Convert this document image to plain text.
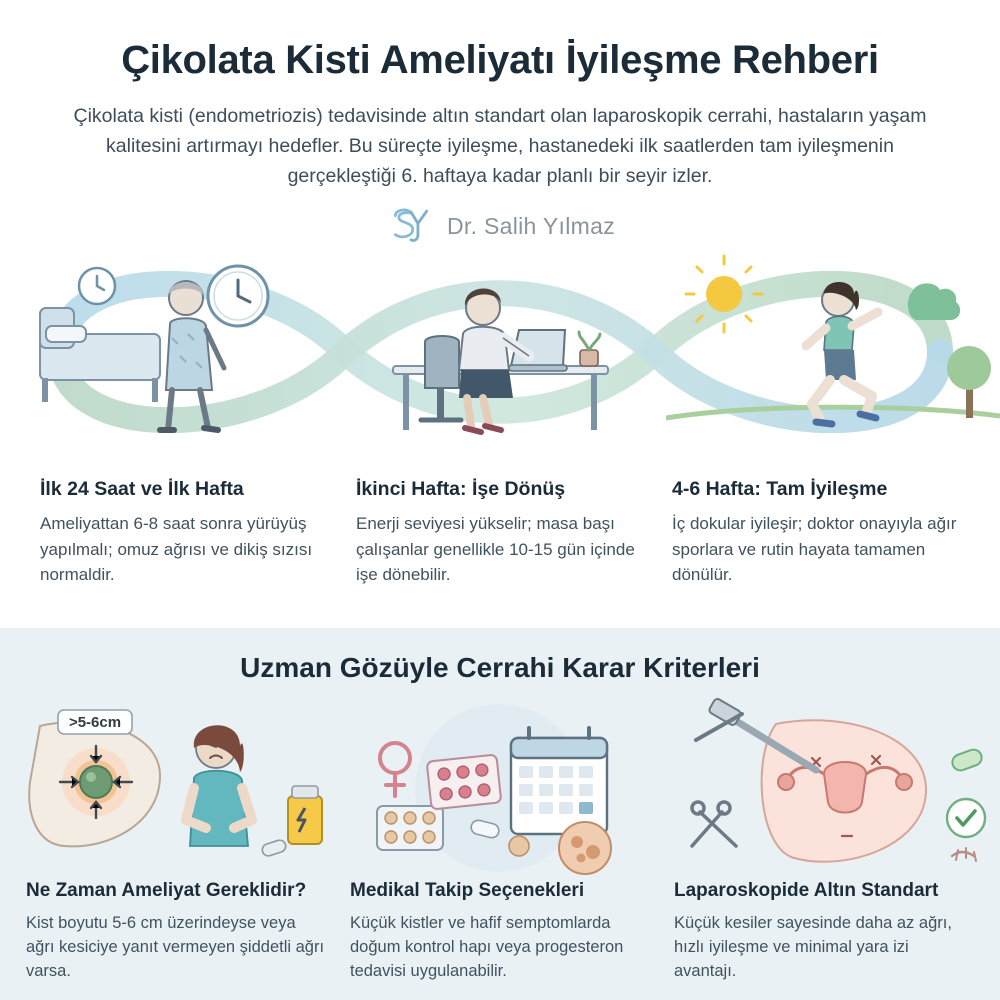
Çikolata Kisti Ameliyatı İyileşme Rehberi

Çikolata kisti (endometriozis) tedavisinde altın standart olan laparoskopik cerrahi, hastaların yaşam kalitesini artırmayı hedefler. Bu süreçte iyileşme, hastanedeki ilk saatlerden tam iyileşmenin gerçekleştiği 6. haftaya kadar planlı bir seyir izler.

Dr. Salih Yılmaz
İlk 24 Saat ve İlk Hafta

Ameliyattan 6-8 saat sonra yürüyüş yapılmalı; omuz ağrısı ve dikiş sızısı normaldir.

İkinci Hafta: İşe Dönüş

Enerji seviyesi yükselir; masa başı çalışanlar genellikle 10-15 gün içinde işe dönebilir.

4-6 Hafta: Tam İyileşme

İç dokular iyileşir; doktor onayıyla ağır sporlara ve rutin hayata tamamen dönülür.

Uzman Gözüyle Cerrahi Karar Kriterleri
>5-6cm
Ne Zaman Ameliyat Gereklidir?

Kist boyutu 5-6 cm üzerindeyse veya ağrı kesiciye yanıt vermeyen şiddetli ağrı varsa.

Medikal Takip Seçenekleri

Küçük kistler ve hafif semptomlarda doğum kontrol hapı veya progesteron tedavisi uygulanabilir.

Laparoskopide Altın Standart

Küçük kesiler sayesinde daha az ağrı, hızlı iyileşme ve minimal yara izi avantajı.
